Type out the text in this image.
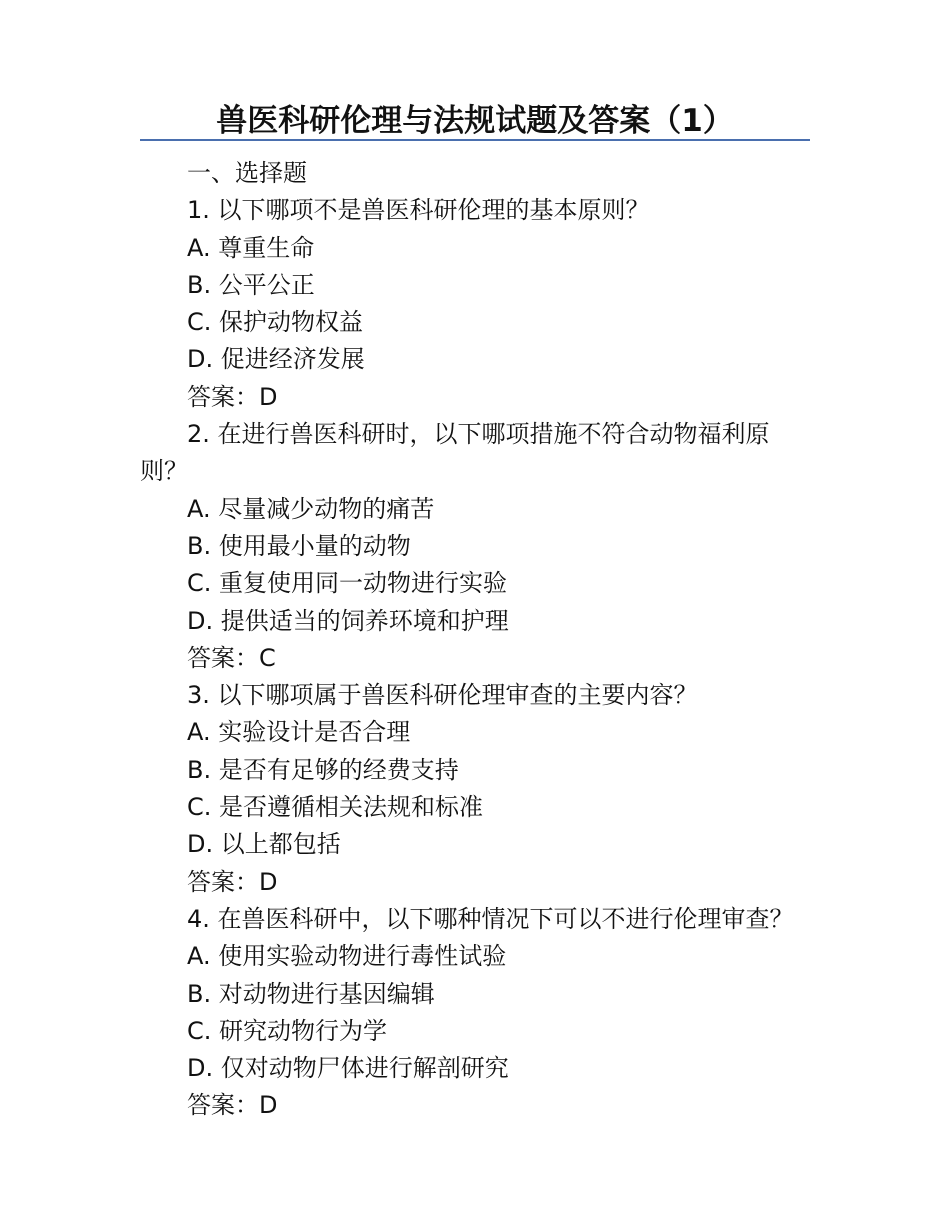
兽医科研伦理与法规试题及答案（1）

一、选择题

1. 以下哪项不是兽医科研伦理的基本原则？

A. 尊重生命

B. 公平公正

C. 保护动物权益

D. 促进经济发展

答案：D

2. 在进行兽医科研时，以下哪项措施不符合动物福利原则？

A. 尽量减少动物的痛苦

B. 使用最小量的动物

C. 重复使用同一动物进行实验

D. 提供适当的饲养环境和护理

答案：C

3. 以下哪项属于兽医科研伦理审查的主要内容？

A. 实验设计是否合理

B. 是否有足够的经费支持

C. 是否遵循相关法规和标准

D. 以上都包括

答案：D

4. 在兽医科研中，以下哪种情况下可以不进行伦理审查？

A. 使用实验动物进行毒性试验

B. 对动物进行基因编辑

C. 研究动物行为学

D. 仅对动物尸体进行解剖研究

答案：D
